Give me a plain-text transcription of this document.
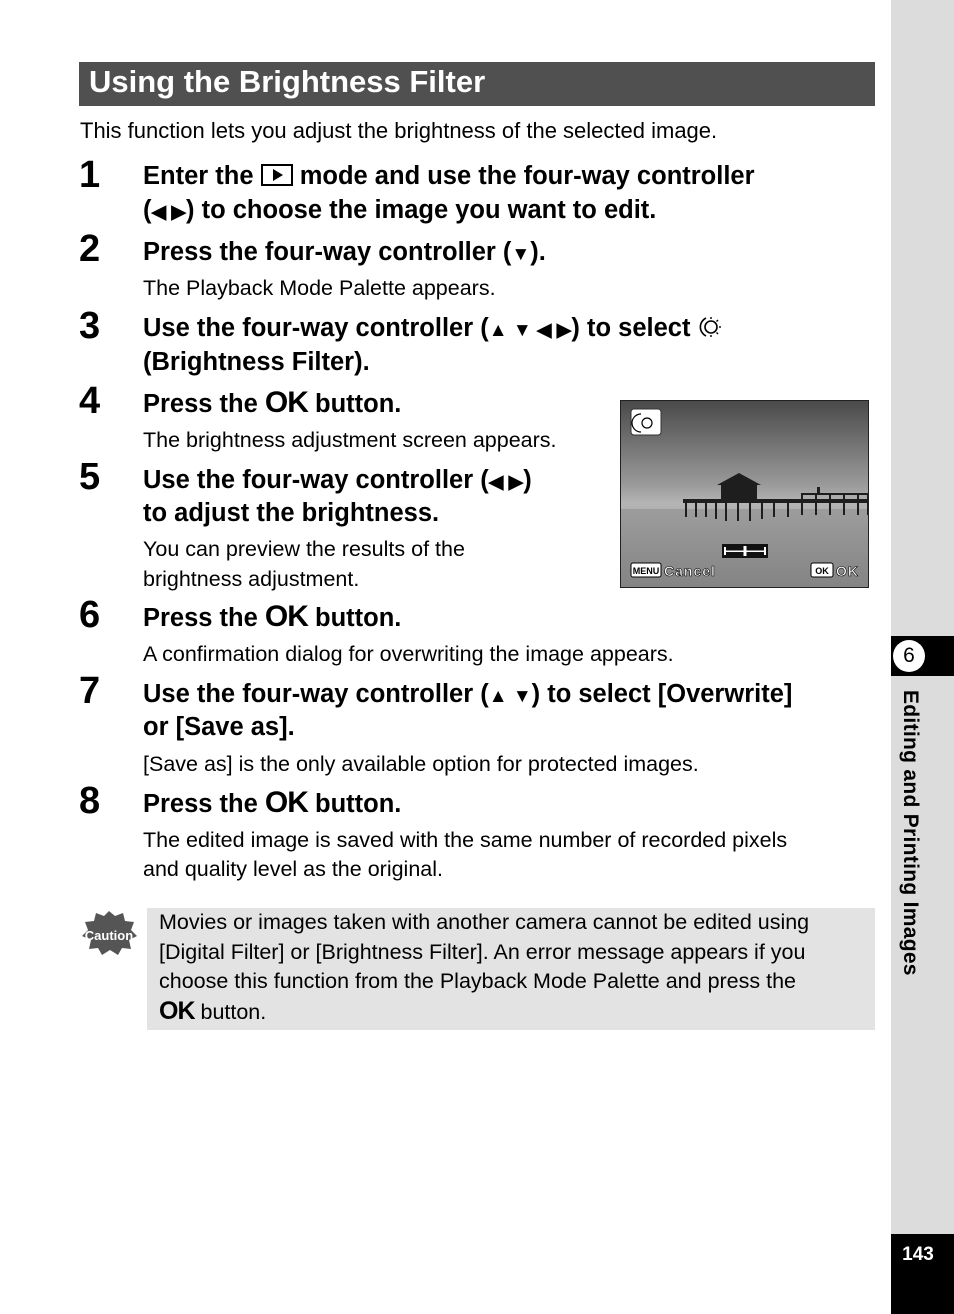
6
Editing and Printing Images
143
Using the Brightness Filter
This function lets you adjust the brightness of the selected image.
1 Enter the mode and use the four-way controller
(◀ ▶) to choose the image you want to edit.
2 Press the four-way controller (▼).
The Playback Mode Palette appears.
3 Use the four-way controller (▲ ▼ ◀ ▶) to select
(Brightness Filter).
4 Press the OK button.
The brightness adjustment screen appears.
5 Use the four-way controller (◀ ▶)
to adjust the brightness.
You can preview the results of the
brightness adjustment.	MENU Cancel	OK OK
6 Press the OK button.
A confirmation dialog for overwriting the image appears.
7 Use the four-way controller (▲ ▼) to select [Overwrite]
or [Save as].
[Save as] is the only available option for protected images.
8 Press the OK button.
The edited image is saved with the same number of recorded pixels
and quality level as the original.
Caution
Movies or images taken with another camera cannot be edited using
[Digital Filter] or [Brightness Filter]. An error message appears if you
choose this function from the Playback Mode Palette and press the
OK button.
